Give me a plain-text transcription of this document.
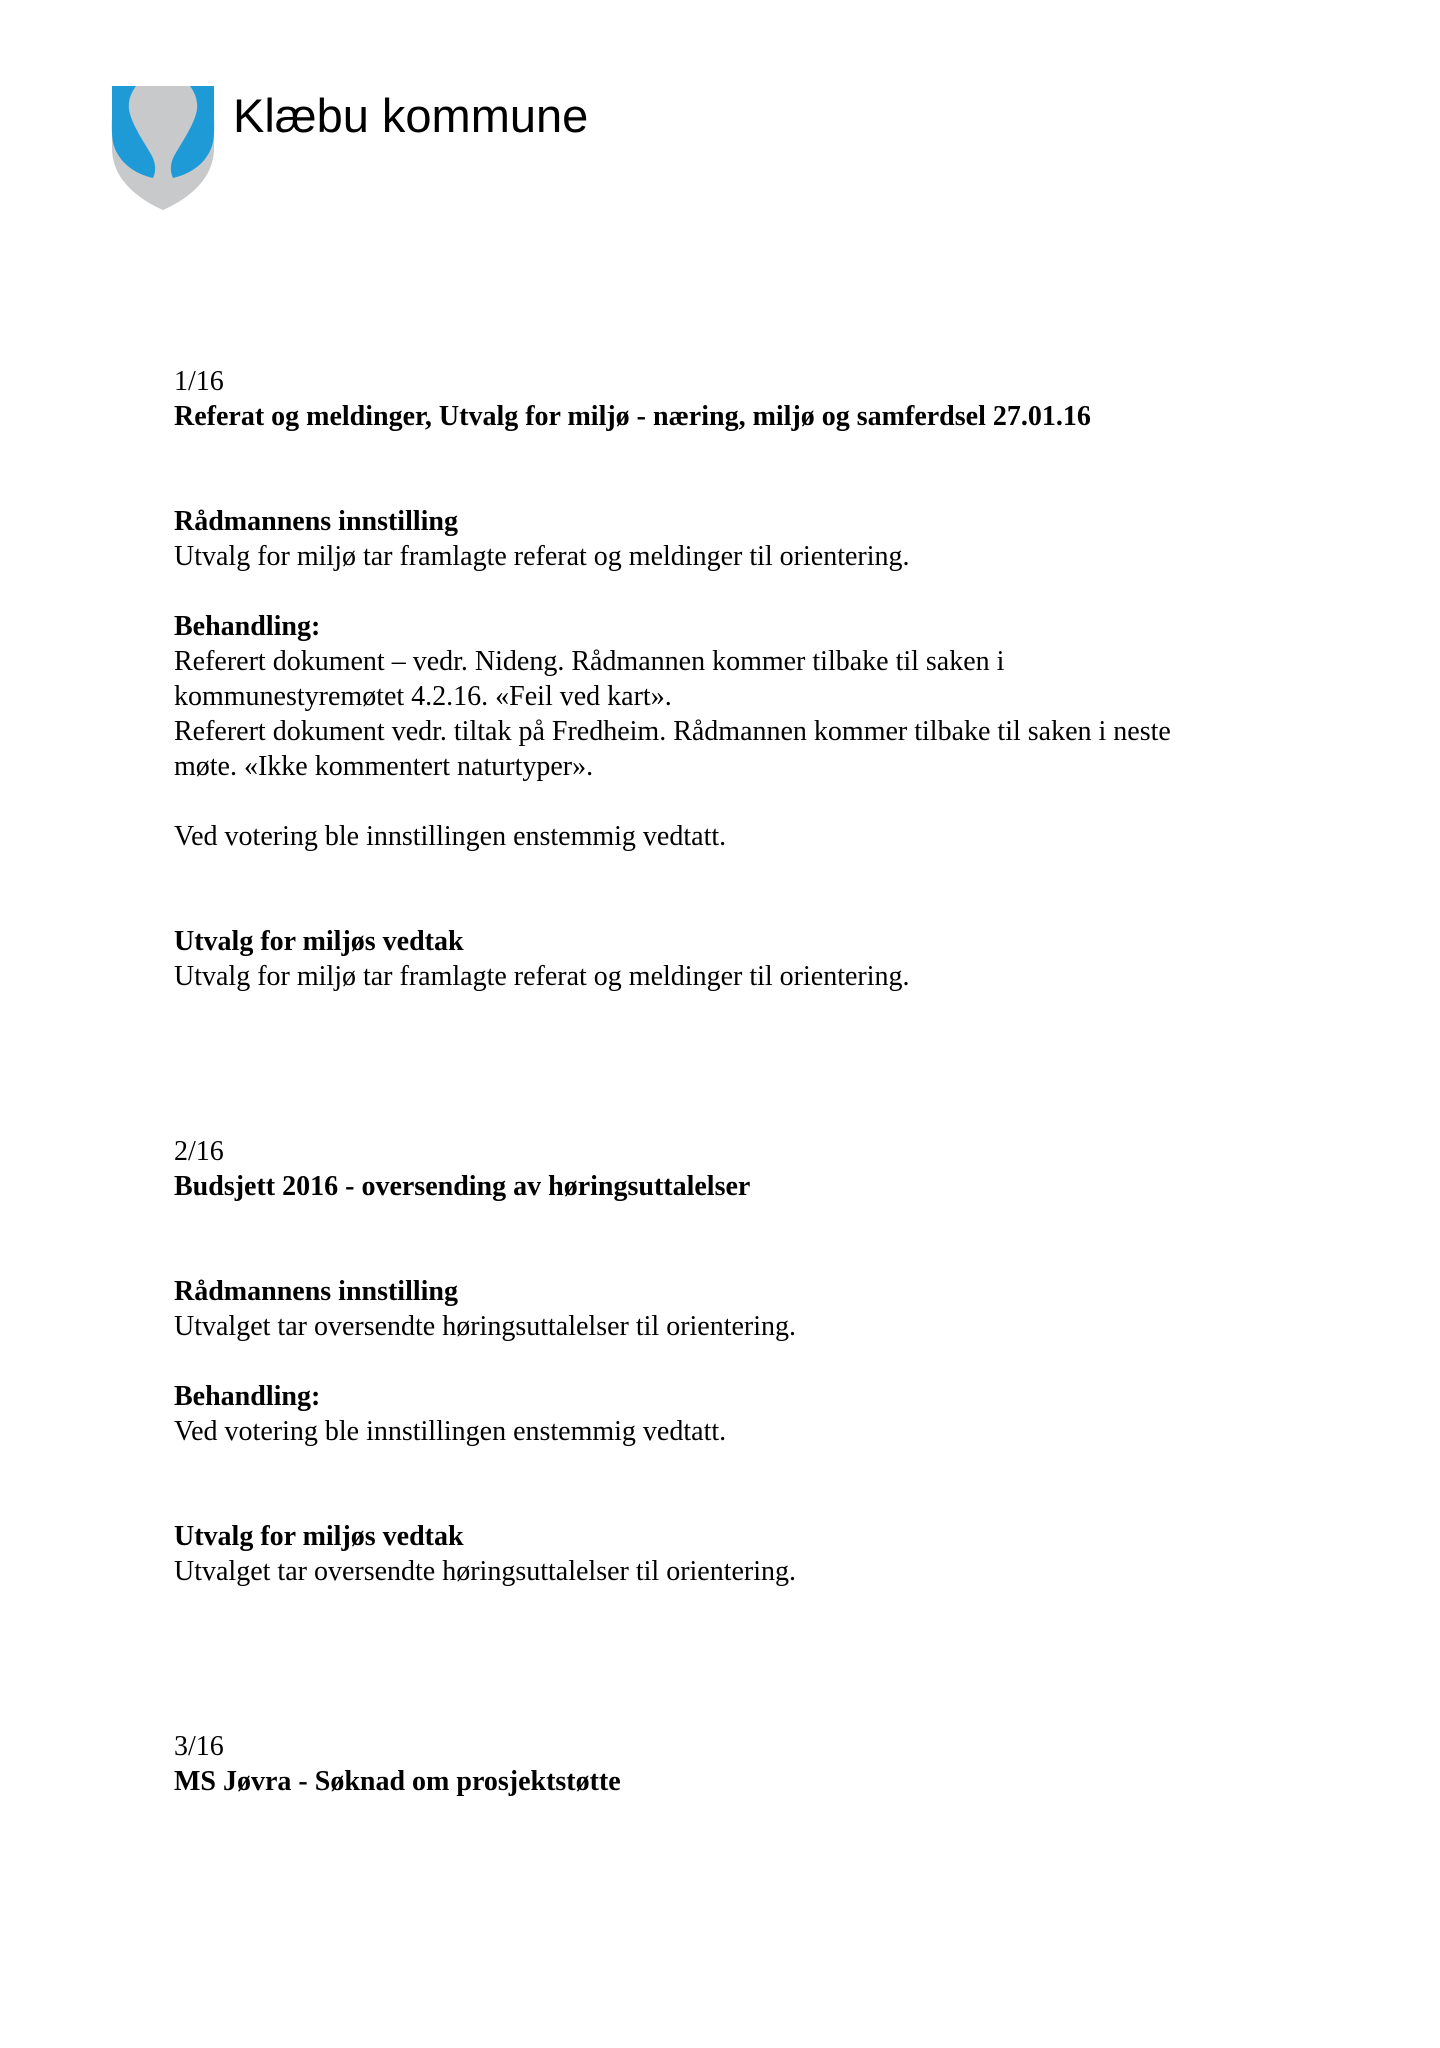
Klæbu kommune

1/16

Referat og meldinger, Utvalg for miljø - næring, miljø og samferdsel 27.01.16

Rådmannens innstilling

Utvalg for miljø tar framlagte referat og meldinger til orientering.

Behandling:

Referert dokument – vedr. Nideng. Rådmannen kommer tilbake til saken i

kommunestyremøtet 4.2.16. «Feil ved kart».

Referert dokument vedr. tiltak på Fredheim. Rådmannen kommer tilbake til saken i neste

møte. «Ikke kommentert naturtyper».

Ved votering ble innstillingen enstemmig vedtatt.

Utvalg for miljøs vedtak

Utvalg for miljø tar framlagte referat og meldinger til orientering.

2/16

Budsjett 2016 - oversending av høringsuttalelser

Rådmannens innstilling

Utvalget tar oversendte høringsuttalelser til orientering.

Behandling:

Ved votering ble innstillingen enstemmig vedtatt.

Utvalg for miljøs vedtak

Utvalget tar oversendte høringsuttalelser til orientering.

3/16

MS Jøvra - Søknad om prosjektstøtte
